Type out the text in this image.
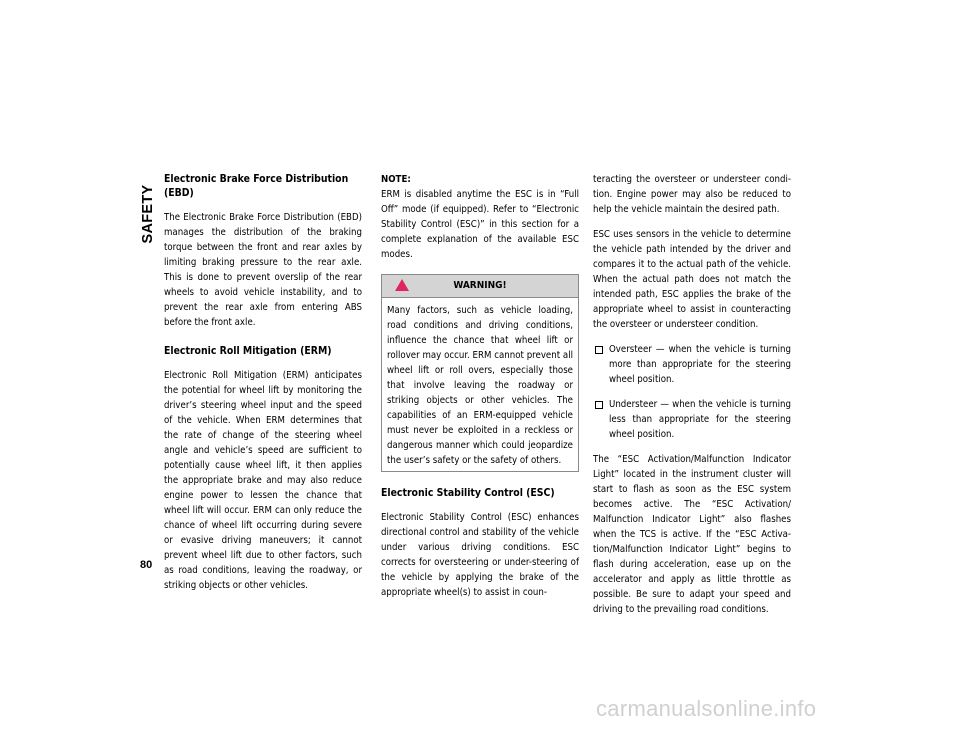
SAFETY
Electronic Brake Force Distribution (EBD)

The Electronic Brake Force Distribution (EBD) manages the distribution of the braking torque between the front and rear axles by limiting braking pressure to the rear axle. This is done to prevent overslip of the rear wheels to avoid vehicle instability, and to prevent the rear axle from entering ABS before the front axle.

Electronic Roll Mitigation (ERM)

Electronic Roll Mitigation (ERM) anticipates the potential for wheel lift by monitoring the driver’s steering wheel input and the speed of the vehicle. When ERM determines that the rate of change of the steering wheel angle and vehicle’s speed are sufficient to potentially cause wheel lift, it then applies the appropriate brake and may also reduce engine power to lessen the chance that wheel lift will occur. ERM can only reduce the chance of wheel lift occurring during severe or evasive driving maneuvers; it cannot prevent wheel lift due to other factors, such as road conditions, leaving the roadway, or striking objects or other vehicles.

NOTE:

ERM is disabled anytime the ESC is in “Full Off” mode (if equipped). Refer to “Electronic Stability Control (ESC)” in this section for a complete explanation of the available ESC modes.

WARNING!

Many factors, such as vehicle loading, road conditions and driving conditions, influence the chance that wheel lift or rollover may occur. ERM cannot prevent all wheel lift or roll overs, especially those that involve leaving the roadway or striking objects or other vehicles. The capabilities of an ERM-equipped vehicle must never be exploited in a reckless or dangerous manner which could jeopardize the user’s safety or the safety of others.

Electronic Stability Control (ESC)

Electronic Stability Control (ESC) enhances directional control and stability of the vehicle under various driving conditions. ESC corrects for oversteering or under-steering of the vehicle by applying the brake of the appropriate wheel(s) to assist in coun-

teracting the oversteer or understeer condi-tion. Engine power may also be reduced to help the vehicle maintain the desired path.

ESC uses sensors in the vehicle to determine the vehicle path intended by the driver and compares it to the actual path of the vehicle. When the actual path does not match the intended path, ESC applies the brake of the appropriate wheel to assist in counteracting the oversteer or understeer condition.

Oversteer — when the vehicle is turning more than appropriate for the steering wheel position.
Understeer — when the vehicle is turning less than appropriate for the steering wheel position.

The “ESC Activation/Malfunction Indicator Light” located in the instrument cluster will start to flash as soon as the ESC system becomes active. The “ESC Activation/ Malfunction Indicator Light” also flashes when the TCS is active. If the “ESC Activa-tion/Malfunction Indicator Light” begins to flash during acceleration, ease up on the accelerator and apply as little throttle as possible. Be sure to adapt your speed and driving to the prevailing road conditions.

80
carmanualsonline.info
